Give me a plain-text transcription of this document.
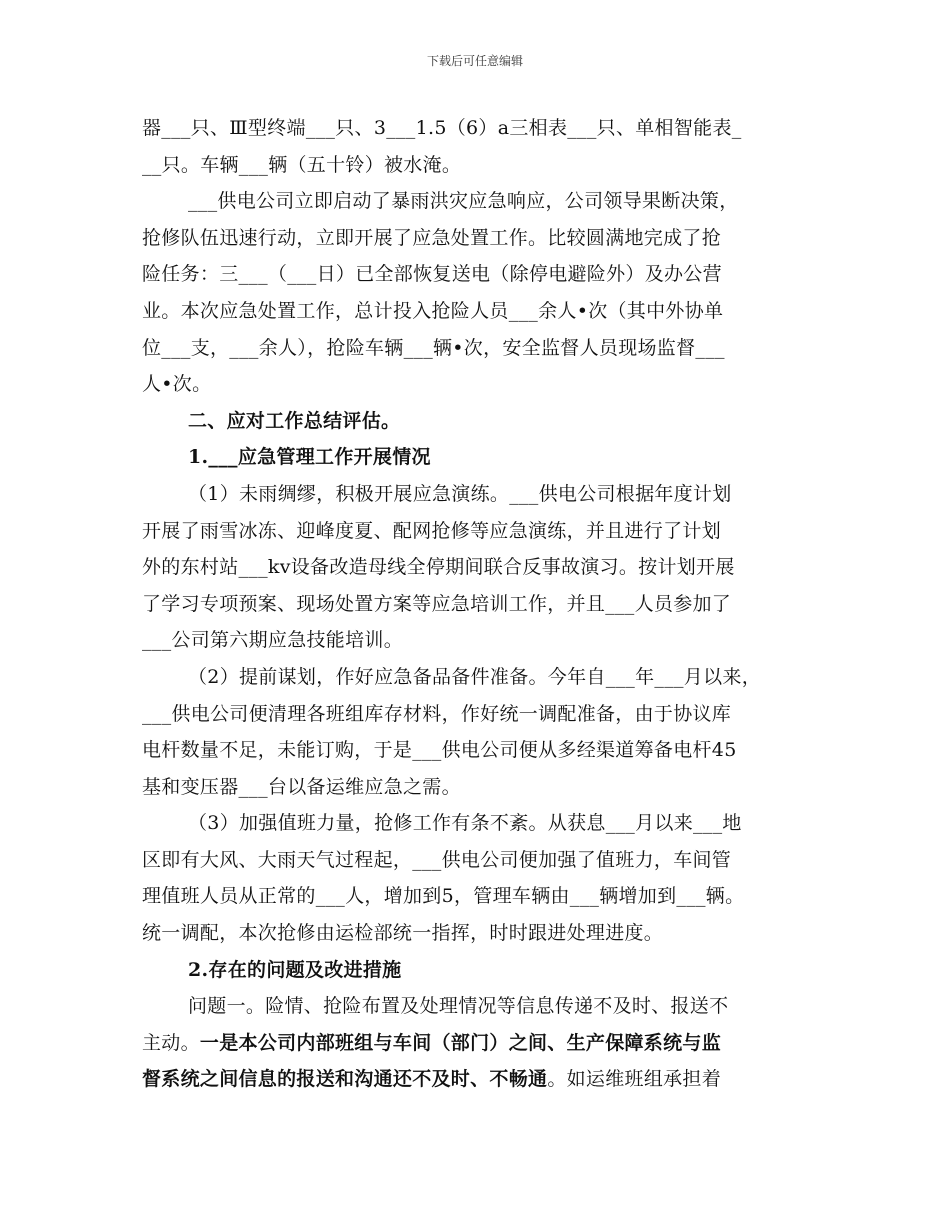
下载后可任意编辑
器___只、Ⅲ型终端___只、3___1.5（6）a三相表___只、单相智能表_
__只。车辆___辆（五十铃）被水淹。
___供电公司立即启动了暴雨洪灾应急响应，公司领导果断决策，
抢修队伍迅速行动，立即开展了应急处置工作。比较圆满地完成了抢
险任务：三___（___日）已全部恢复送电（除停电避险外）及办公营
业。本次应急处置工作，总计投入抢险人员___余人•次（其中外协单
位___支，___余人），抢险车辆___辆•次，安全监督人员现场监督___
人•次。
二、应对工作总结评估。
1.___应急管理工作开展情况
（1）未雨绸缪，积极开展应急演练。___供电公司根据年度计划
开展了雨雪冰冻、迎峰度夏、配网抢修等应急演练，并且进行了计划
外的东村站___kv设备改造母线全停期间联合反事故演习。按计划开展
了学习专项预案、现场处置方案等应急培训工作，并且___人员参加了
___公司第六期应急技能培训。
（2）提前谋划，作好应急备品备件准备。今年自___年___月以来，
___供电公司便清理各班组库存材料，作好统一调配准备，由于协议库
电杆数量不足，未能订购，于是___供电公司便从多经渠道筹备电杆45
基和变压器___台以备运维应急之需。
（3）加强值班力量，抢修工作有条不紊。从获息___月以来___地
区即有大风、大雨天气过程起，___供电公司便加强了值班力，车间管
理值班人员从正常的___人，增加到5，管理车辆由___辆增加到___辆。
统一调配，本次抢修由运检部统一指挥，时时跟进处理进度。
2.存在的问题及改进措施
问题一。险情、抢险布置及处理情况等信息传递不及时、报送不
主动。一是本公司内部班组与车间（部门）之间、生产保障系统与监
督系统之间信息的报送和沟通还不及时、不畅通。如运维班组承担着
